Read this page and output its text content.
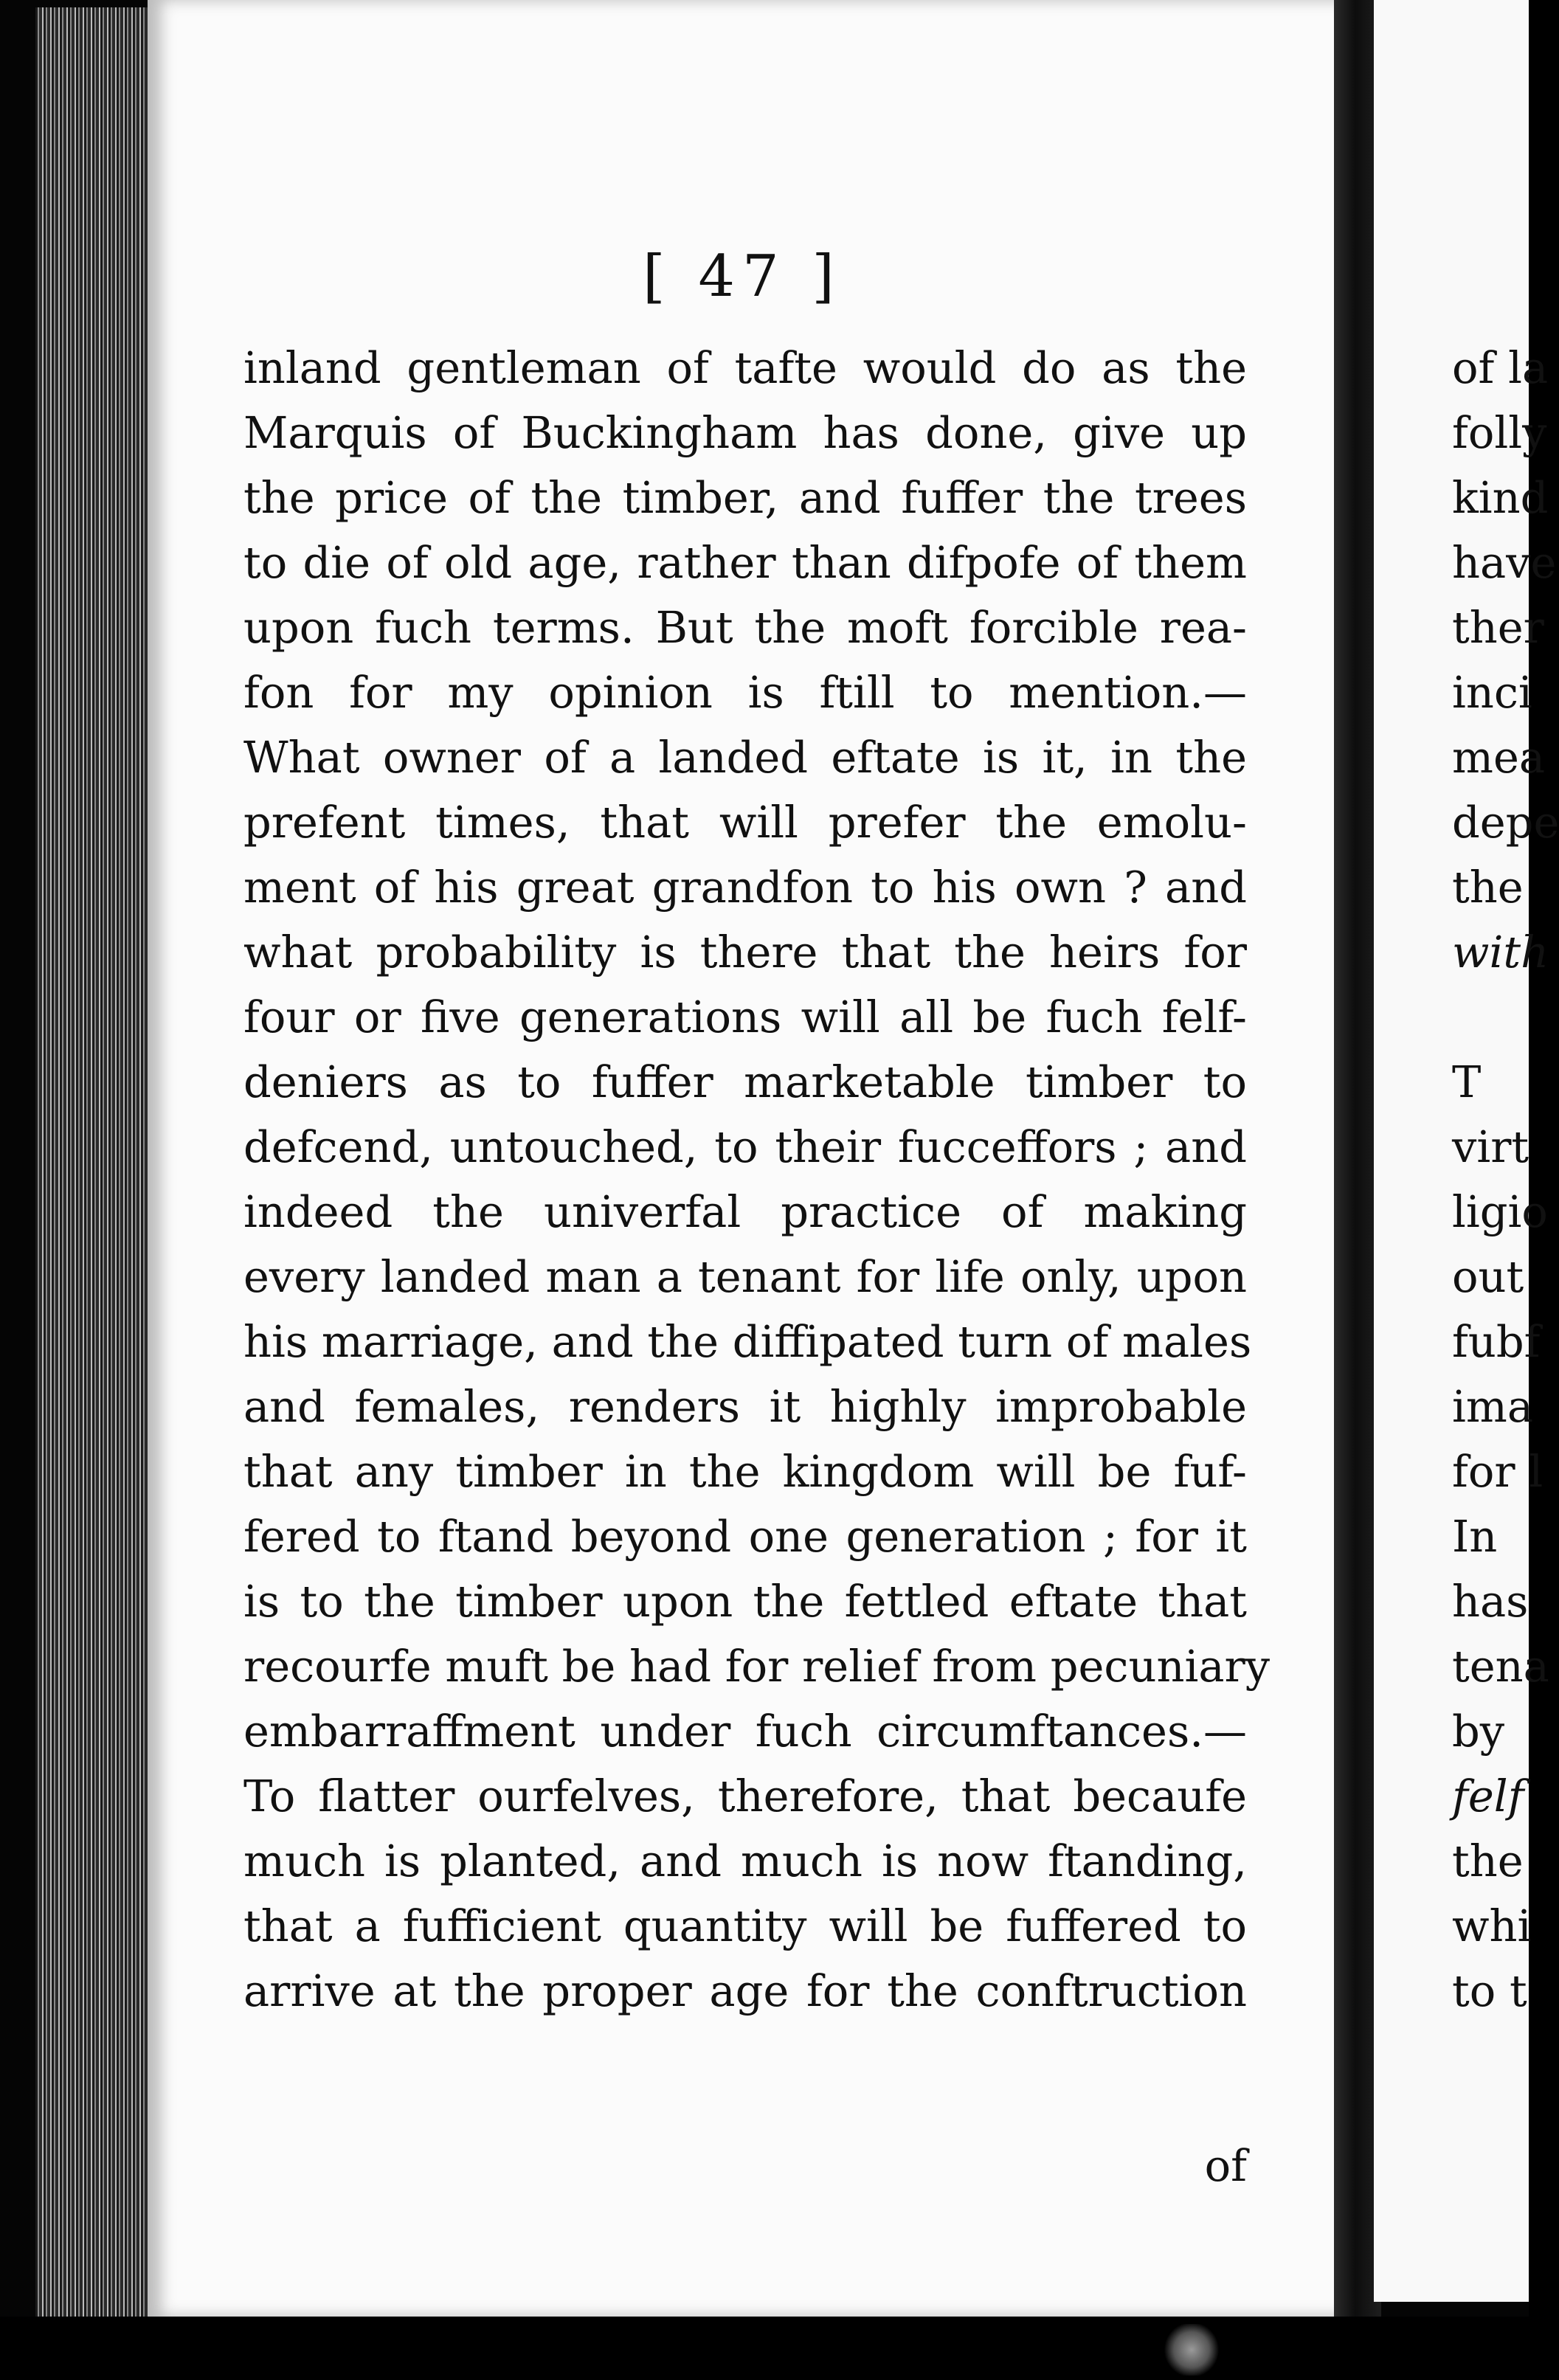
[ 47 ]
inland gentleman of tafte would do as the
Marquis of Buckingham has done, give up
the price of the timber, and fuffer the trees
to die of old age, rather than difpofe of them
upon fuch terms. But the moft forcible rea-
fon for my opinion is ftill to mention.—
What owner of a landed eftate is it, in the
prefent times, that will prefer the emolu-
ment of his great grandfon to his own ? and
what probability is there that the heirs for
four or five generations will all be fuch felf-
deniers as to fuffer marketable timber to
defcend, untouched, to their fucceffors ; and
indeed the univerfal practice of making
every landed man a tenant for life only, upon
his marriage, and the diffipated turn of males
and females, renders it highly improbable
that any timber in the kingdom will be fuf-
fered to ftand beyond one generation ; for it
is to the timber upon the fettled eftate that
recourfe muft be had for relief from pecuniary
embarraffment under fuch circumftances.—
To flatter ourfelves, therefore, that becaufe
much is planted, and much is now ftanding,
that a fufficient quantity will be fuffered to
arrive at the proper age for the conftruction
of
of la
folly
kind
have
ther
inci
mea
depe
the
with
T
virt
ligio
out
fubf
ima
for l
In
has
tena
by
felf
the
whi
to t
